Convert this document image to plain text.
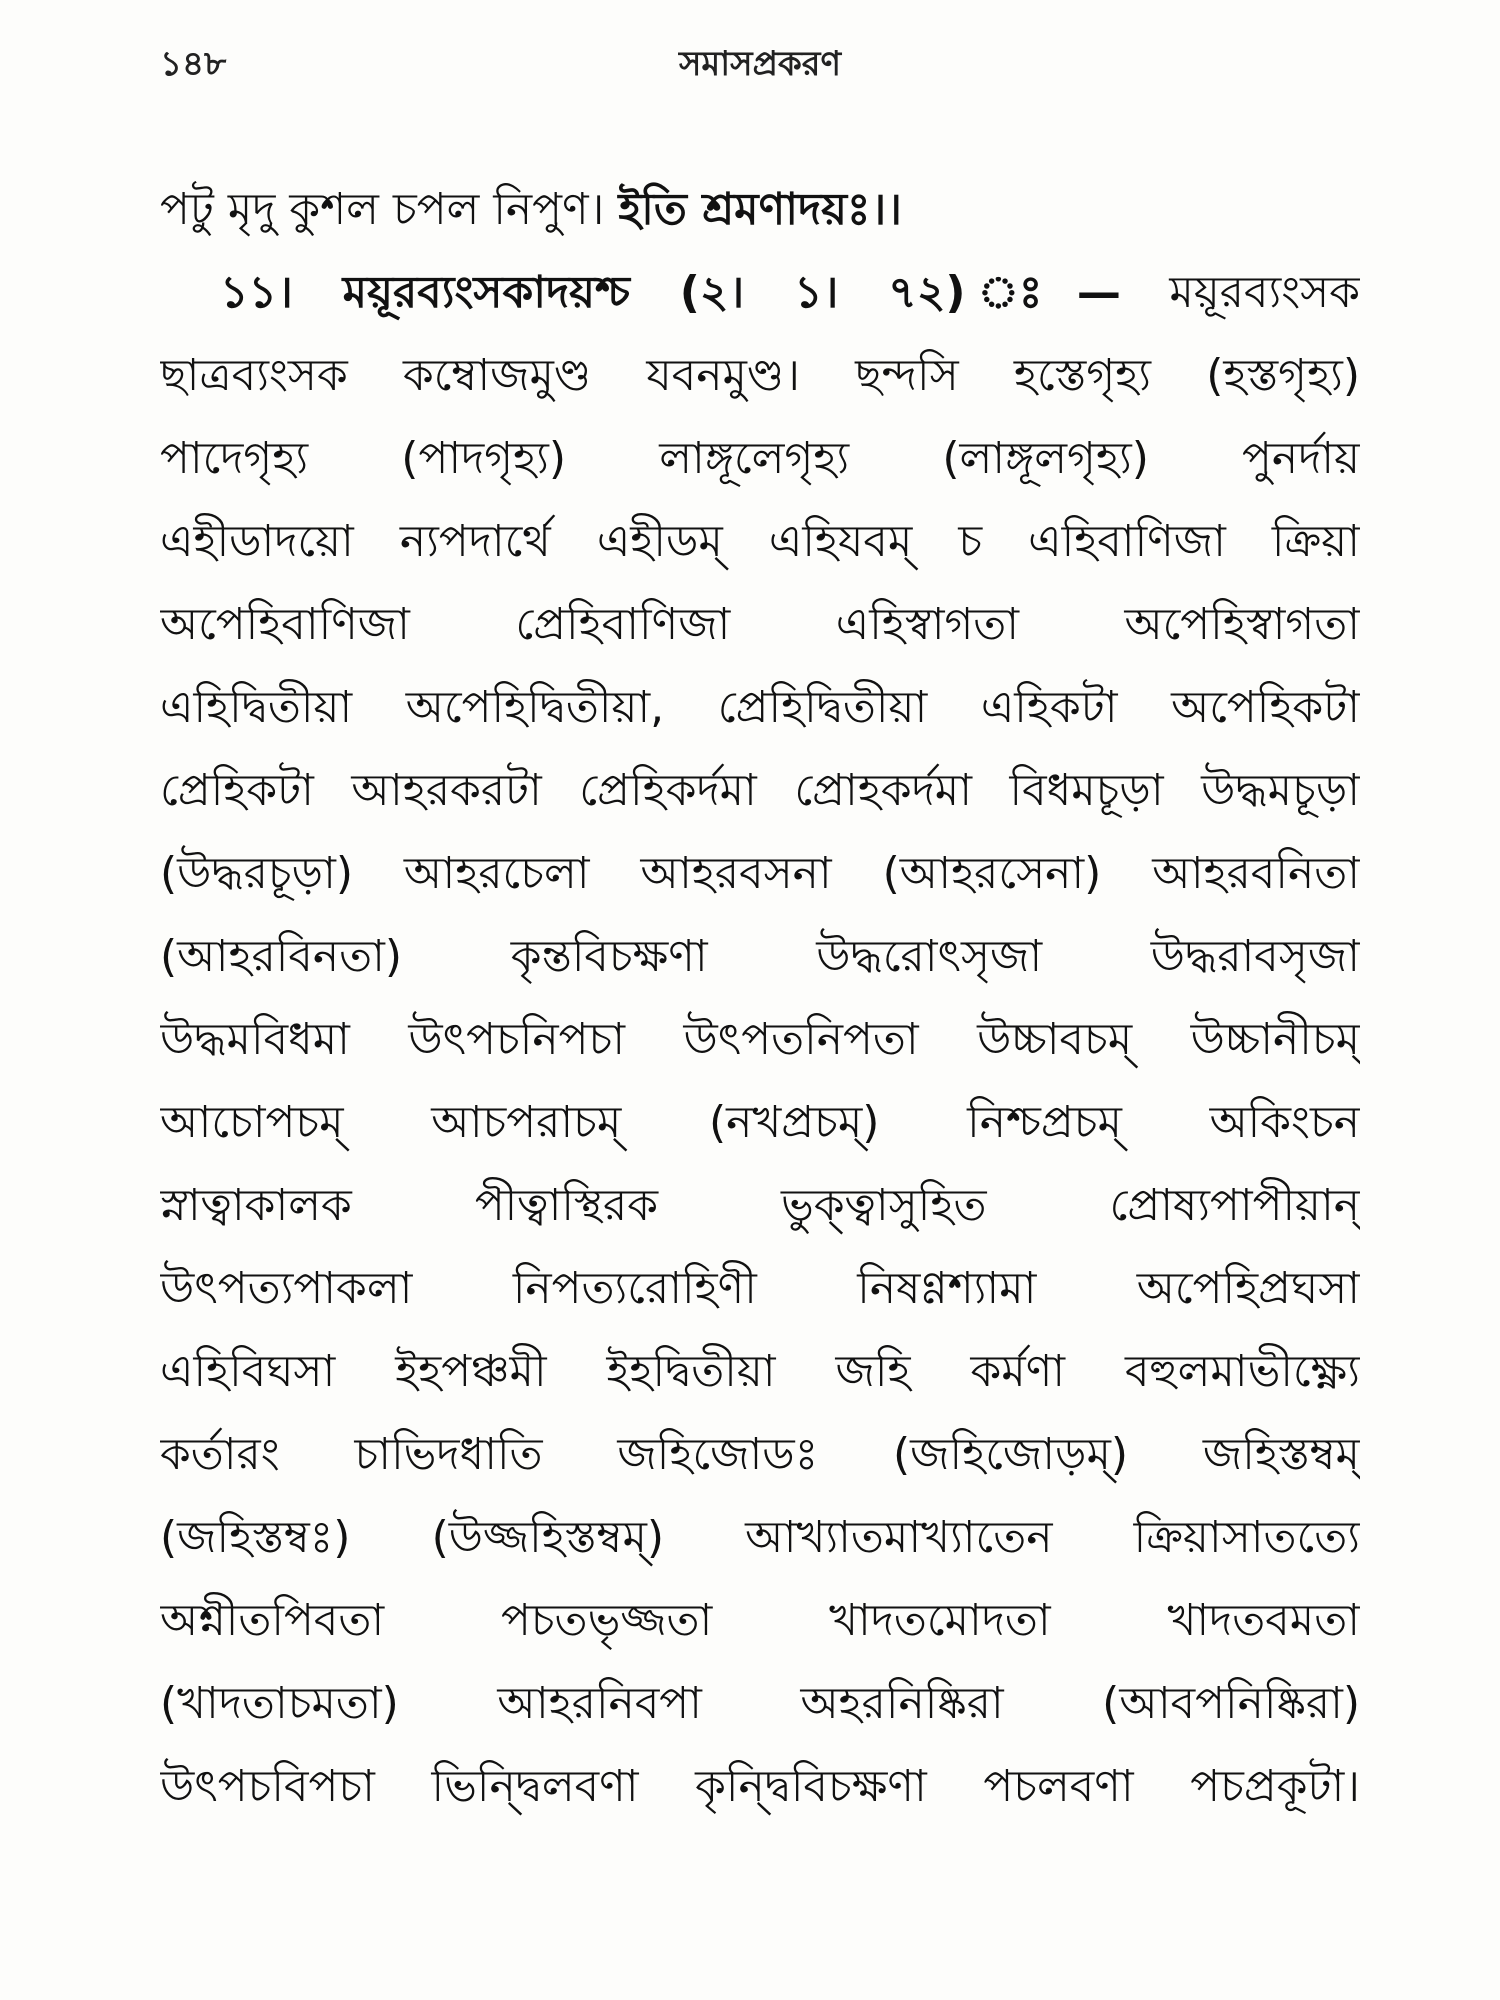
১৪৮	সমাসপ্রকরণ
পটু মৃদু কুশল চপল নিপুণ। ইতি শ্রমণাদয়ঃ।।
১১। ময়ূরব্যংসকাদয়শ্চ (২। ১। ৭২) ঃ— ময়ূরব্যংসক
ছাত্রব্যংসক কম্বোজমুণ্ড যবনমুণ্ড। ছন্দসি হস্তেগৃহ্য (হস্তগৃহ্য)
পাদেগৃহ্য (পাদগৃহ্য) লাঙ্গূলেগৃহ্য (লাঙ্গূলগৃহ্য) পুনর্দায়
এহীডাদয়ো ন্যপদার্থে এহীডম্ এহিযবম্ চ এহিবাণিজা ক্রিয়া
অপেহিবাণিজা প্রেহিবাণিজা এহিস্বাগতা অপেহিস্বাগতা
এহিদ্বিতীয়া অপেহিদ্বিতীয়া, প্রেহিদ্বিতীয়া এহিকটা অপেহিকটা
প্রেহিকটা আহরকরটা প্রেহিকর্দমা প্রোহকর্দমা বিধমচূড়া উদ্ধমচূড়া
(উদ্ধরচূড়া) আহরচেলা আহরবসনা (আহরসেনা) আহরবনিতা
(আহরবিনতা) কৃন্তবিচক্ষণা উদ্ধরোৎসৃজা উদ্ধরাবসৃজা
উদ্ধমবিধমা উৎপচনিপচা উৎপতনিপতা উচ্চাবচম্ উচ্চানীচম্
আচোপচম্ আচপরাচম্ (নখপ্রচম্) নিশ্চপ্রচম্ অকিংচন
স্নাত্বাকালক পীত্বাস্থিরক ভুক্ত্বাসুহিত প্রোষ্যপাপীয়ান্
উৎপত্যপাকলা নিপত্যরোহিণী নিষণ্ণশ্যামা অপেহিপ্রঘসা
এহিবিঘসা ইহপঞ্চমী ইহদ্বিতীয়া জহি কর্মণা বহুলমাভীক্ষ্ণ্যে
কর্তারং চাভিদধাতি জহিজোডঃ (জহিজোড়ম্) জহিস্তম্বম্
(জহিস্তম্বঃ) (উজ্জহিস্তম্বম্) আখ্যাতমাখ্যাতেন ক্রিয়াসাতত্যে
অশ্নীতপিবতা পচতভৃজ্জতা খাদতমোদতা খাদতবমতা
(খাদতাচমতা) আহরনিবপা অহরনিষ্কিরা (আবপনিষ্কিরা)
উৎপচবিপচা ভিন্দ্বিলবণা কৃন্দ্বিবিচক্ষণা পচলবণা পচপ্রকূটা।
